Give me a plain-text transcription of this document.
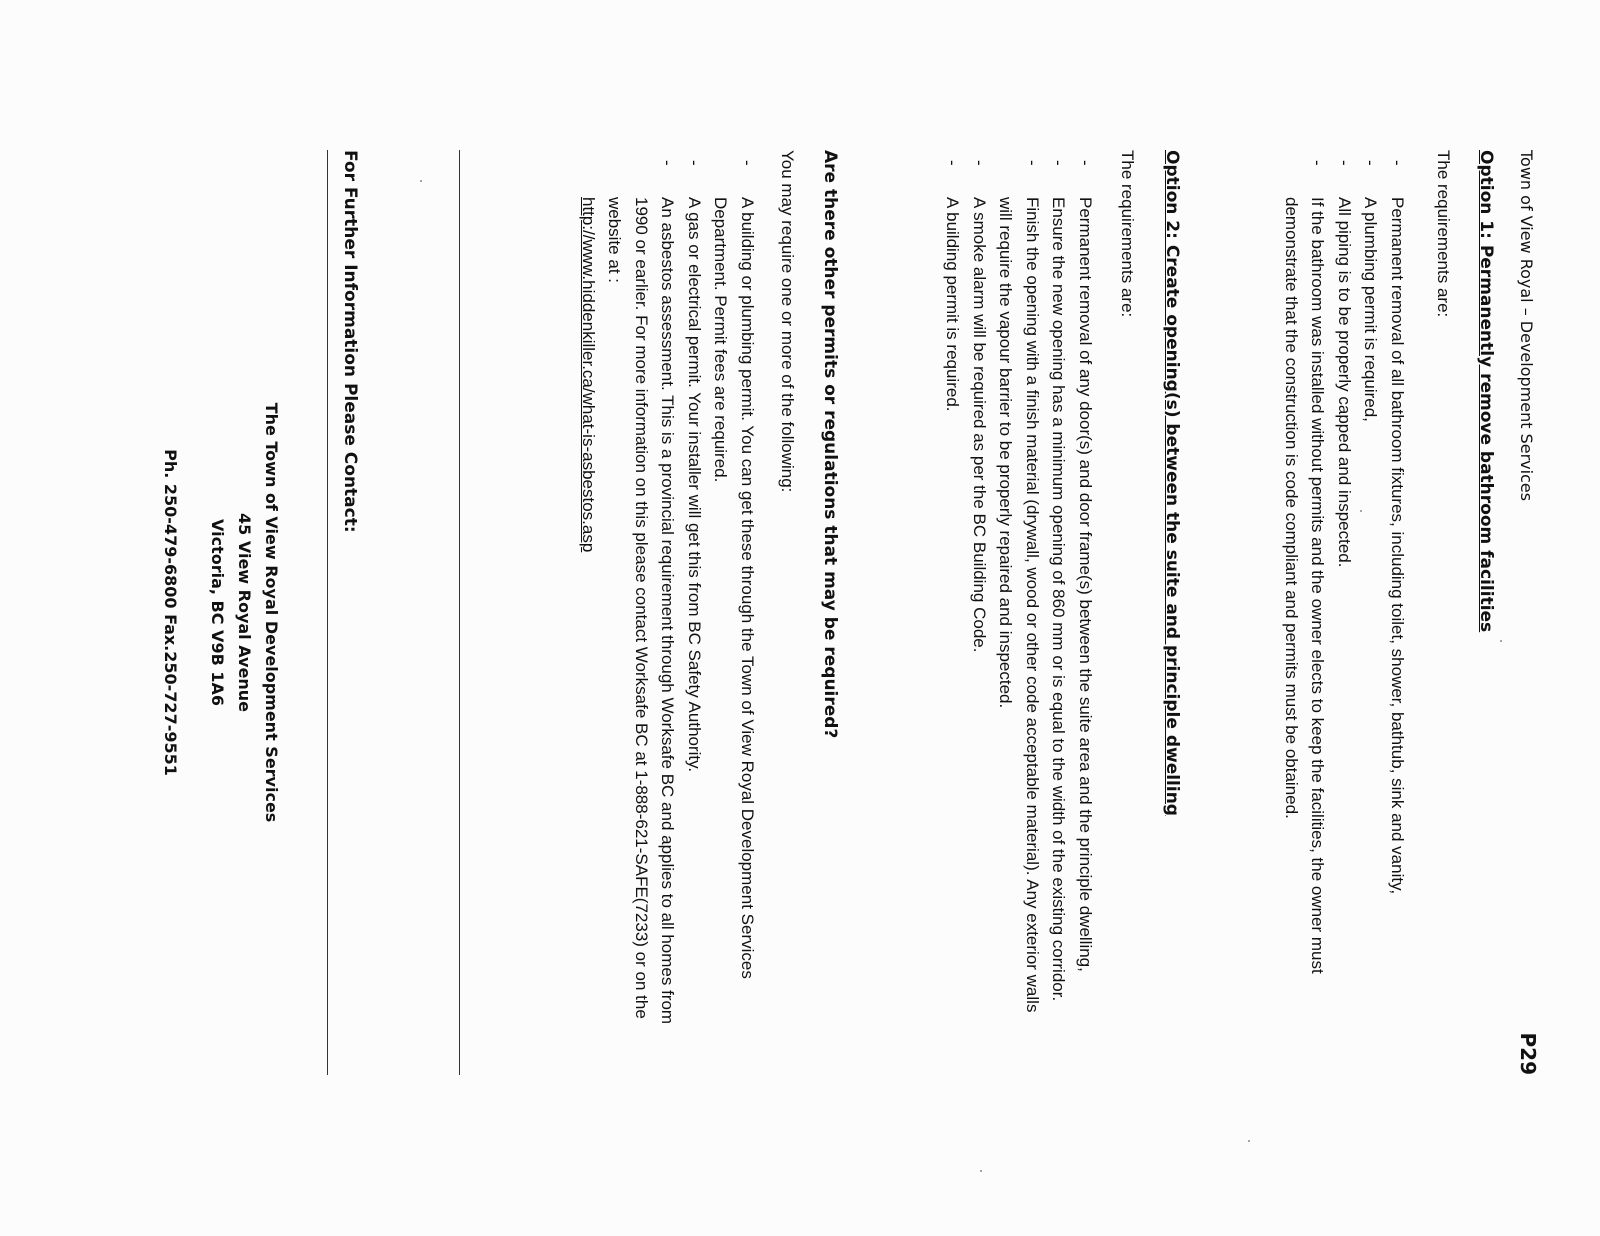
Town of View Royal – Development Services
P29
Option 1: Permanently remove bathroom facilities
The requirements are:
-
Permanent removal of all bathroom fixtures, including toilet, shower, bathtub, sink and vanity,
-
A plumbing permit is required,
-
All piping is to be properly capped and inspected.
-
If the bathroom was installed without permits and the owner elects to keep the facilities, the owner must demonstrate that the construction is code compliant and permits must be obtained.
Option 2: Create opening(s) between the suite and principle dwelling
The requirements are:
-
Permanent removal of any door(s) and door frame(s) between the suite area and the principle dwelling,
-
Ensure the new opening has a minimum opening of 860 mm or is equal to the width of the existing corridor.
-
Finish the opening with a finish material (drywall, wood or other code acceptable material). Any exterior walls will require the vapour barrier to be properly repaired and inspected.
-
A smoke alarm will be required as per the BC Building Code.
-
A building permit is required.
Are there other permits or regulations that may be required?
You may require one or more of the following:
-
A building or plumbing permit. You can get these through the Town of View Royal Development Services Department. Permit fees are required.
-
A gas or electrical permit. Your installer will get this from BC Safety Authority.
-
An asbestos assessment. This is a provincial requirement through Worksafe BC and applies to all homes from 1990 or earlier. For more information on this please contact Worksafe BC at 1-888-621-SAFE(7233) or on the website at :
http://www.hiddenkiller.ca/what-is-asbestos.asp
For Further Information Please Contact:
The Town of View Royal Development Services
45 View Royal Avenue
Victoria, BC V9B 1A6
Ph. 250-479-6800 Fax.250-727-9551
